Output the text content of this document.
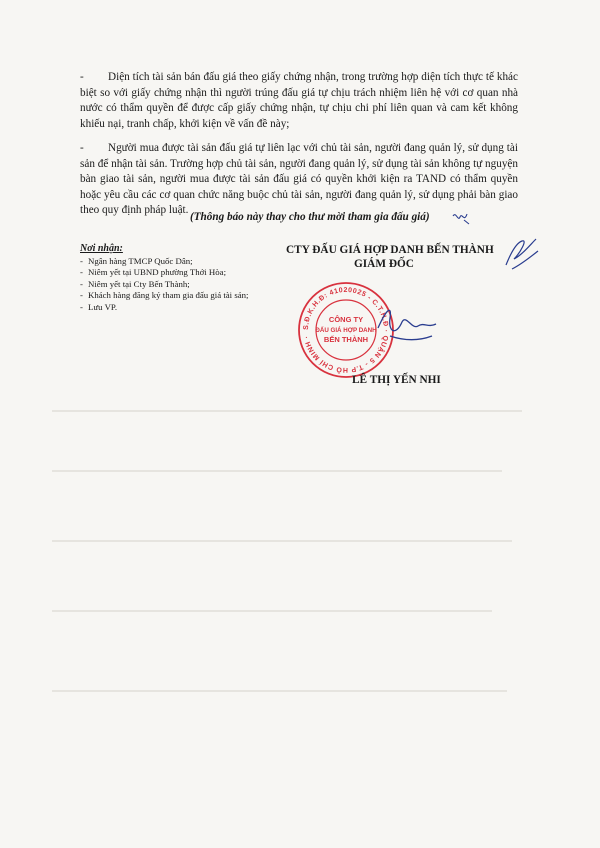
-	Diện tích tài sản bán đấu giá theo giấy chứng nhận, trong trường hợp diện tích thực tế khác biệt so với giấy chứng nhận thì người trúng đấu giá tự chịu trách nhiệm liên hệ với cơ quan nhà nước có thẩm quyền để được cấp giấy chứng nhận, tự chịu chi phí liên quan và cam kết không khiếu nại, tranh chấp, khởi kiện về vấn đề này;
-	Người mua được tài sản đấu giá tự liên lạc với chủ tài sản, người đang quản lý, sử dụng tài sản để nhận tài sản. Trường hợp chủ tài sản, người đang quản lý, sử dụng tài sản không tự nguyện bàn giao tài sản, người mua được tài sản đấu giá có quyền khởi kiện ra TAND có thẩm quyền hoặc yêu cầu các cơ quan chức năng buộc chủ tài sản, người đang quản lý, sử dụng phải bàn giao theo quy định pháp luật.
(Thông báo này thay cho thư mời tham gia đấu giá)
Nơi nhận:
- Ngân hàng TMCP Quốc Dân;
- Niêm yết tại UBND phường Thới Hòa;
- Niêm yết tại Cty Bến Thành;
- Khách hàng đăng ký tham gia đấu giá tài sản;
- Lưu VP.
CTY ĐẤU GIÁ HỢP DANH BẾN THÀNH
GIÁM ĐỐC
S.Đ.K.H.Đ: 41020025 - C.T.H.Đ · QUẬN 5 - T.P HỒ CHÍ MINH ·
CÔNG TY
ĐẤU GIÁ HỢP DANH
BẾN THÀNH
LÊ THỊ YẾN NHI
